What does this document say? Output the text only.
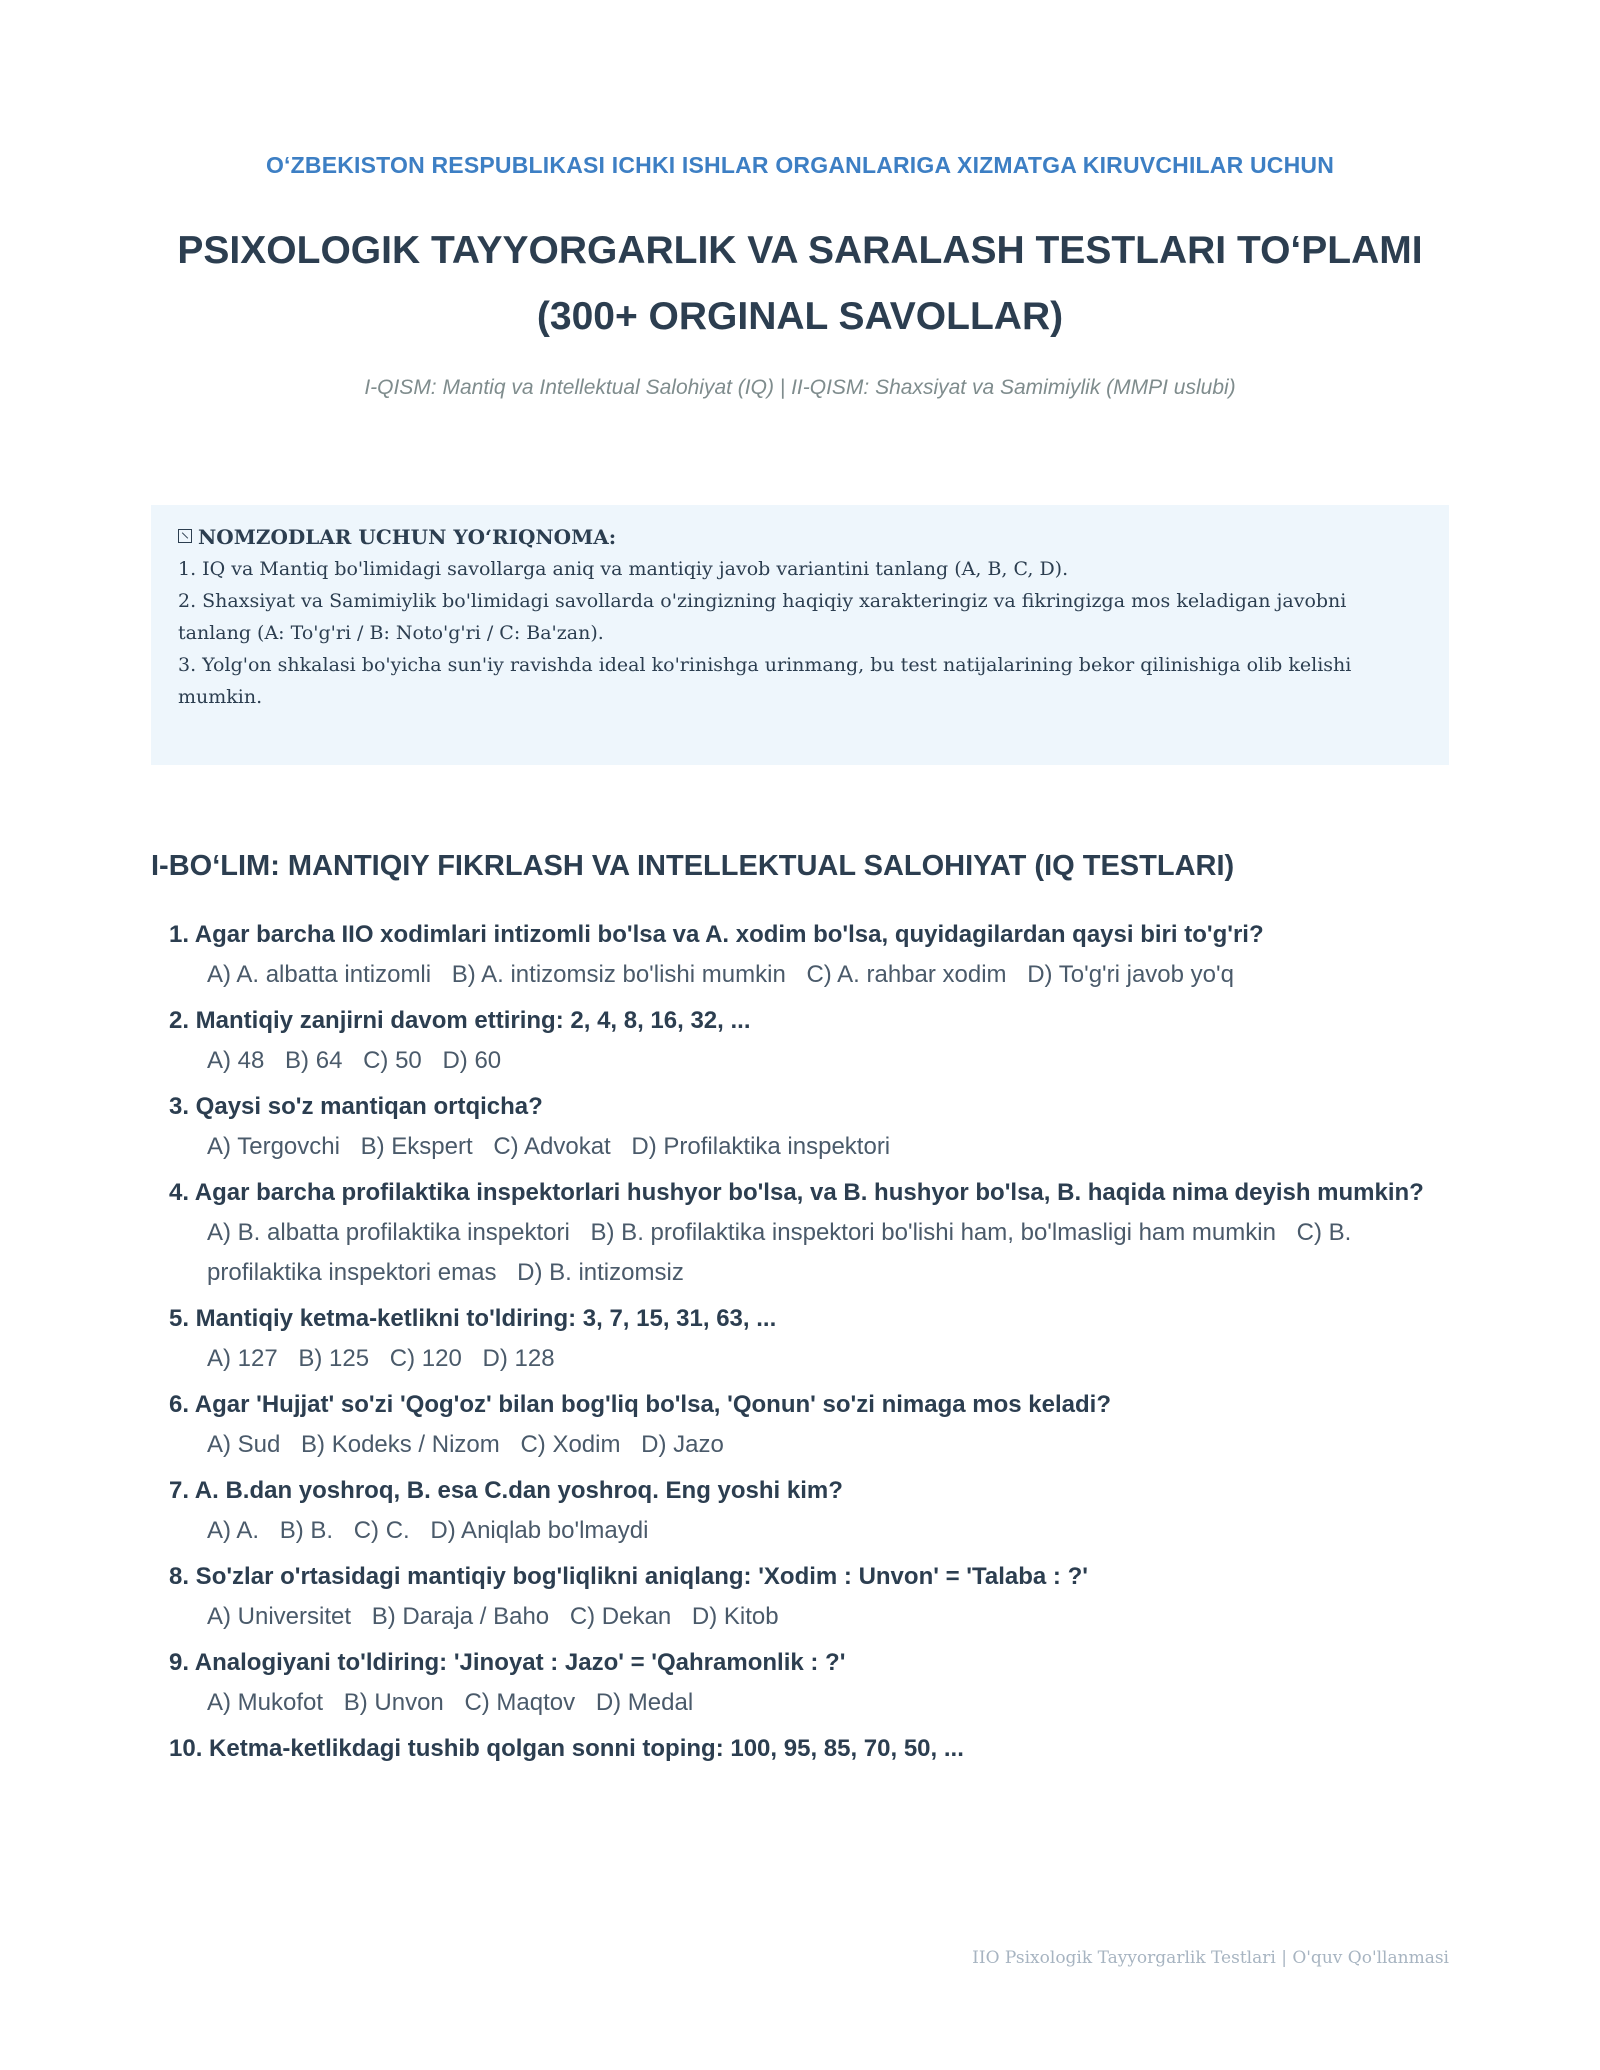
O‘ZBEKISTON RESPUBLIKASI ICHKI ISHLAR ORGANLARIGA XIZMATGA KIRUVCHILAR UCHUN
PSIXOLOGIK TAYYORGARLIK VA SARALASH TESTLARI TO‘PLAMI
(300+ ORGINAL SAVOLLAR)
I-QISM: Mantiq va Intellektual Salohiyat (IQ) | II-QISM: Shaxsiyat va Samimiylik (MMPI uslubi)
NOMZODLAR UCHUN YO‘RIQNOMA:
1. IQ va Mantiq bo'limidagi savollarga aniq va mantiqiy javob variantini tanlang (A, B, C, D).
2. Shaxsiyat va Samimiylik bo'limidagi savollarda o'zingizning haqiqiy xarakteringiz va fikringizga mos keladigan javobni tanlang (A: To'g'ri / B: Noto'g'ri / C: Ba'zan).
3. Yolg'on shkalasi bo'yicha sun'iy ravishda ideal ko'rinishga urinmang, bu test natijalarining bekor qilinishiga olib kelishi mumkin.
I-BO‘LIM: MANTIQIY FIKRLASH VA INTELLEKTUAL SALOHIYAT (IQ TESTLARI)
1. Agar barcha IIO xodimlari intizomli bo'lsa va A. xodim bo'lsa, quyidagilardan qaysi biri to'g'ri?
A) A. albatta intizomli B) A. intizomsiz bo'lishi mumkin C) A. rahbar xodim D) To'g'ri javob yo'q
2. Mantiqiy zanjirni davom ettiring: 2, 4, 8, 16, 32, ...
A) 48 B) 64 C) 50 D) 60
3. Qaysi so'z mantiqan ortqicha?
A) Tergovchi B) Ekspert C) Advokat D) Profilaktika inspektori
4. Agar barcha profilaktika inspektorlari hushyor bo'lsa, va B. hushyor bo'lsa, B. haqida nima deyish mumkin?
A) B. albatta profilaktika inspektori B) B. profilaktika inspektori bo'lishi ham, bo'lmasligi ham mumkin C) B. profilaktika inspektori emas D) B. intizomsiz
5. Mantiqiy ketma-ketlikni to'ldiring: 3, 7, 15, 31, 63, ...
A) 127 B) 125 C) 120 D) 128
6. Agar 'Hujjat' so'zi 'Qog'oz' bilan bog'liq bo'lsa, 'Qonun' so'zi nimaga mos keladi?
A) Sud B) Kodeks / Nizom C) Xodim D) Jazo
7. A. B.dan yoshroq, B. esa C.dan yoshroq. Eng yoshi kim?
A) A. B) B. C) C. D) Aniqlab bo'lmaydi
8. So'zlar o'rtasidagi mantiqiy bog'liqlikni aniqlang: 'Xodim : Unvon' = 'Talaba : ?'
A) Universitet B) Daraja / Baho C) Dekan D) Kitob
9. Analogiyani to'ldiring: 'Jinoyat : Jazo' = 'Qahramonlik : ?'
A) Mukofot B) Unvon C) Maqtov D) Medal
10. Ketma-ketlikdagi tushib qolgan sonni toping: 100, 95, 85, 70, 50, ...
IIO Psixologik Tayyorgarlik Testlari | O'quv Qo'llanmasi
